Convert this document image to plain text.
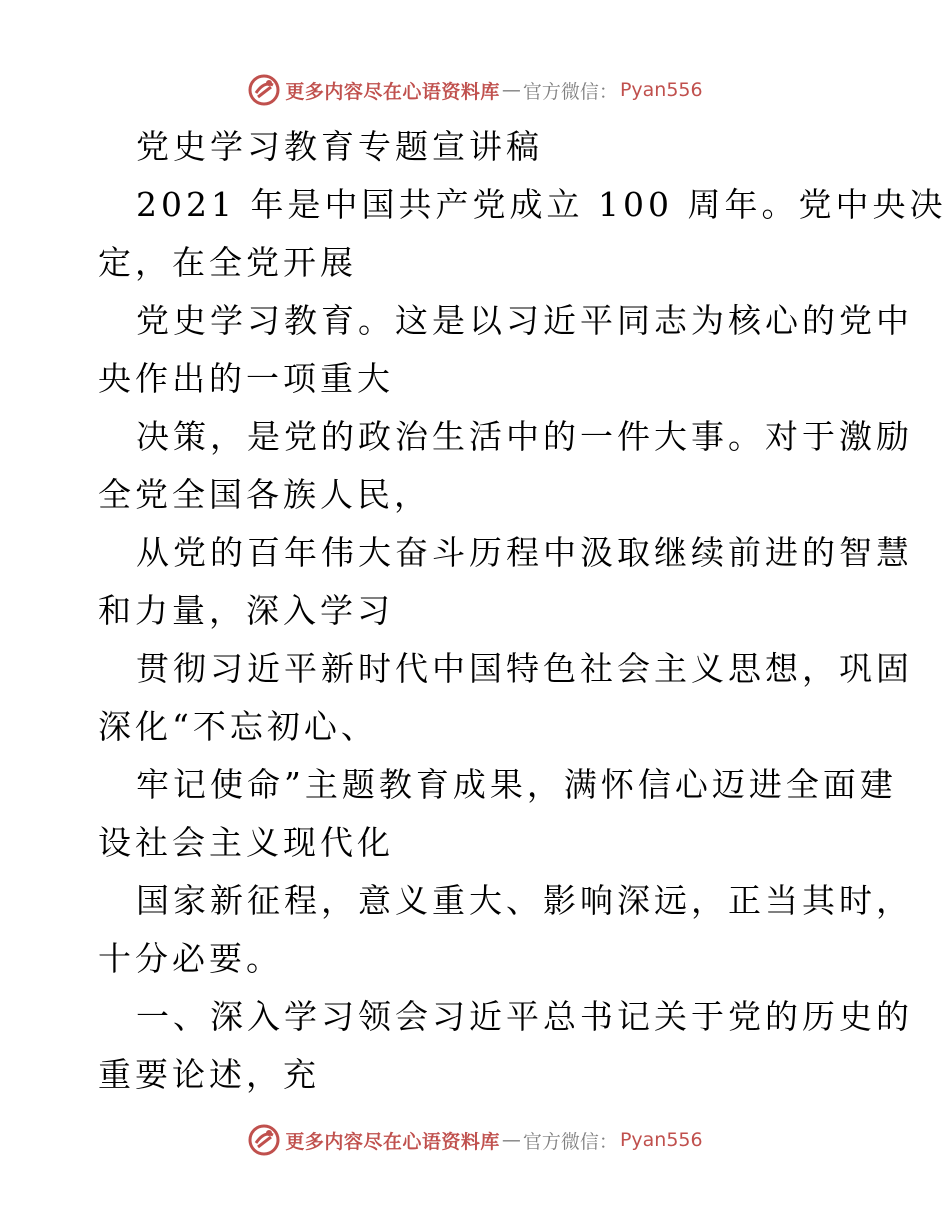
更多内容尽在心语资料库 — 官方微信： Pyan556
党史学习教育专题宣讲稿
2021 年是中国共产党成立 100 周年。党中央决
定，在全党开展
党史学习教育。这是以习近平同志为核心的党中
央作出的一项重大
决策，是党的政治生活中的一件大事。对于激励
全党全国各族人民，
从党的百年伟大奋斗历程中汲取继续前进的智慧
和力量，深入学习
贯彻习近平新时代中国特色社会主义思想，巩固
深化“不忘初心、
牢记使命”主题教育成果，满怀信心迈进全面建
设社会主义现代化
国家新征程，意义重大、影响深远，正当其时，
十分必要。
一、深入学习领会习近平总书记关于党的历史的
重要论述，充
更多内容尽在心语资料库 — 官方微信： Pyan556
